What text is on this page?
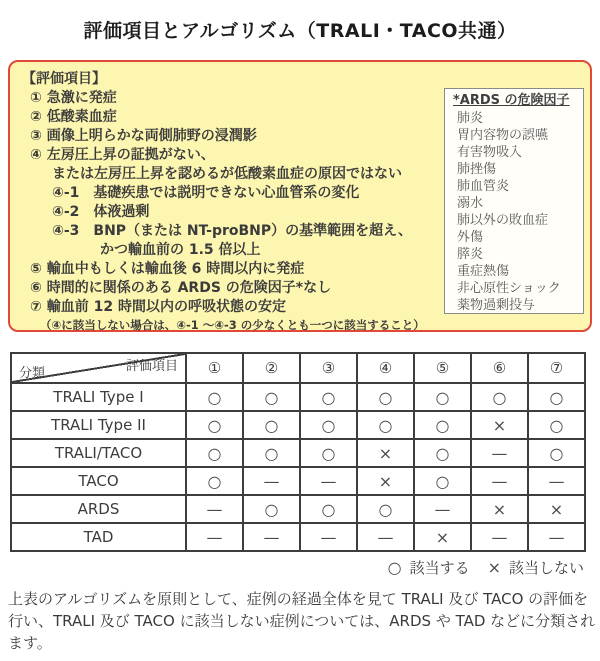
評価項目とアルゴリズム（TRALI・TACO共通）
【評価項目】
① 急激に発症
② 低酸素血症
③ 画像上明らかな両側肺野の浸潤影
④ 左房圧上昇の証拠がない、
または左房圧上昇を認めるが低酸素血症の原因ではない
④-1　基礎疾患では説明できない心血管系の変化
④-2　体液過剰
④-3　BNP（または NT-proBNP）の基準範囲を超え、
かつ輸血前の 1.5 倍以上
⑤ 輸血中もしくは輸血後 6 時間以内に発症
⑥ 時間的に関係のある ARDS の危険因子*なし
⑦ 輸血前 12 時間以内の呼吸状態の安定
（④に該当しない場合は、④-1 ～④-3 の少なくとも一つに該当すること）
*ARDS の危険因子
肺炎
胃内容物の誤嚥
有害物吸入
肺挫傷
肺血管炎
溺水
肺以外の敗血症
外傷
膵炎
重症熱傷
非心原性ショック
薬物過剰投与
評価項目
分類	①	②	③	④	⑤	⑥	⑦
TRALI Type I	○	○	○	○	○	○	○
TRALI Type II	○	○	○	○	○	×	○
TRALI/TACO	○	○	○	×	○	—	○
TACO	○	—	—	×	○	—	—
ARDS	—	○	○	○	—	×	×
TAD	—	—	—	—	×	—	—
○ 該当する × 該当しない

上表のアルゴリズムを原則として、症例の経過全体を見て TRALI 及び TACO の評価を行い、TRALI 及び TACO に該当しない症例については、ARDS や TAD などに分類されます。
